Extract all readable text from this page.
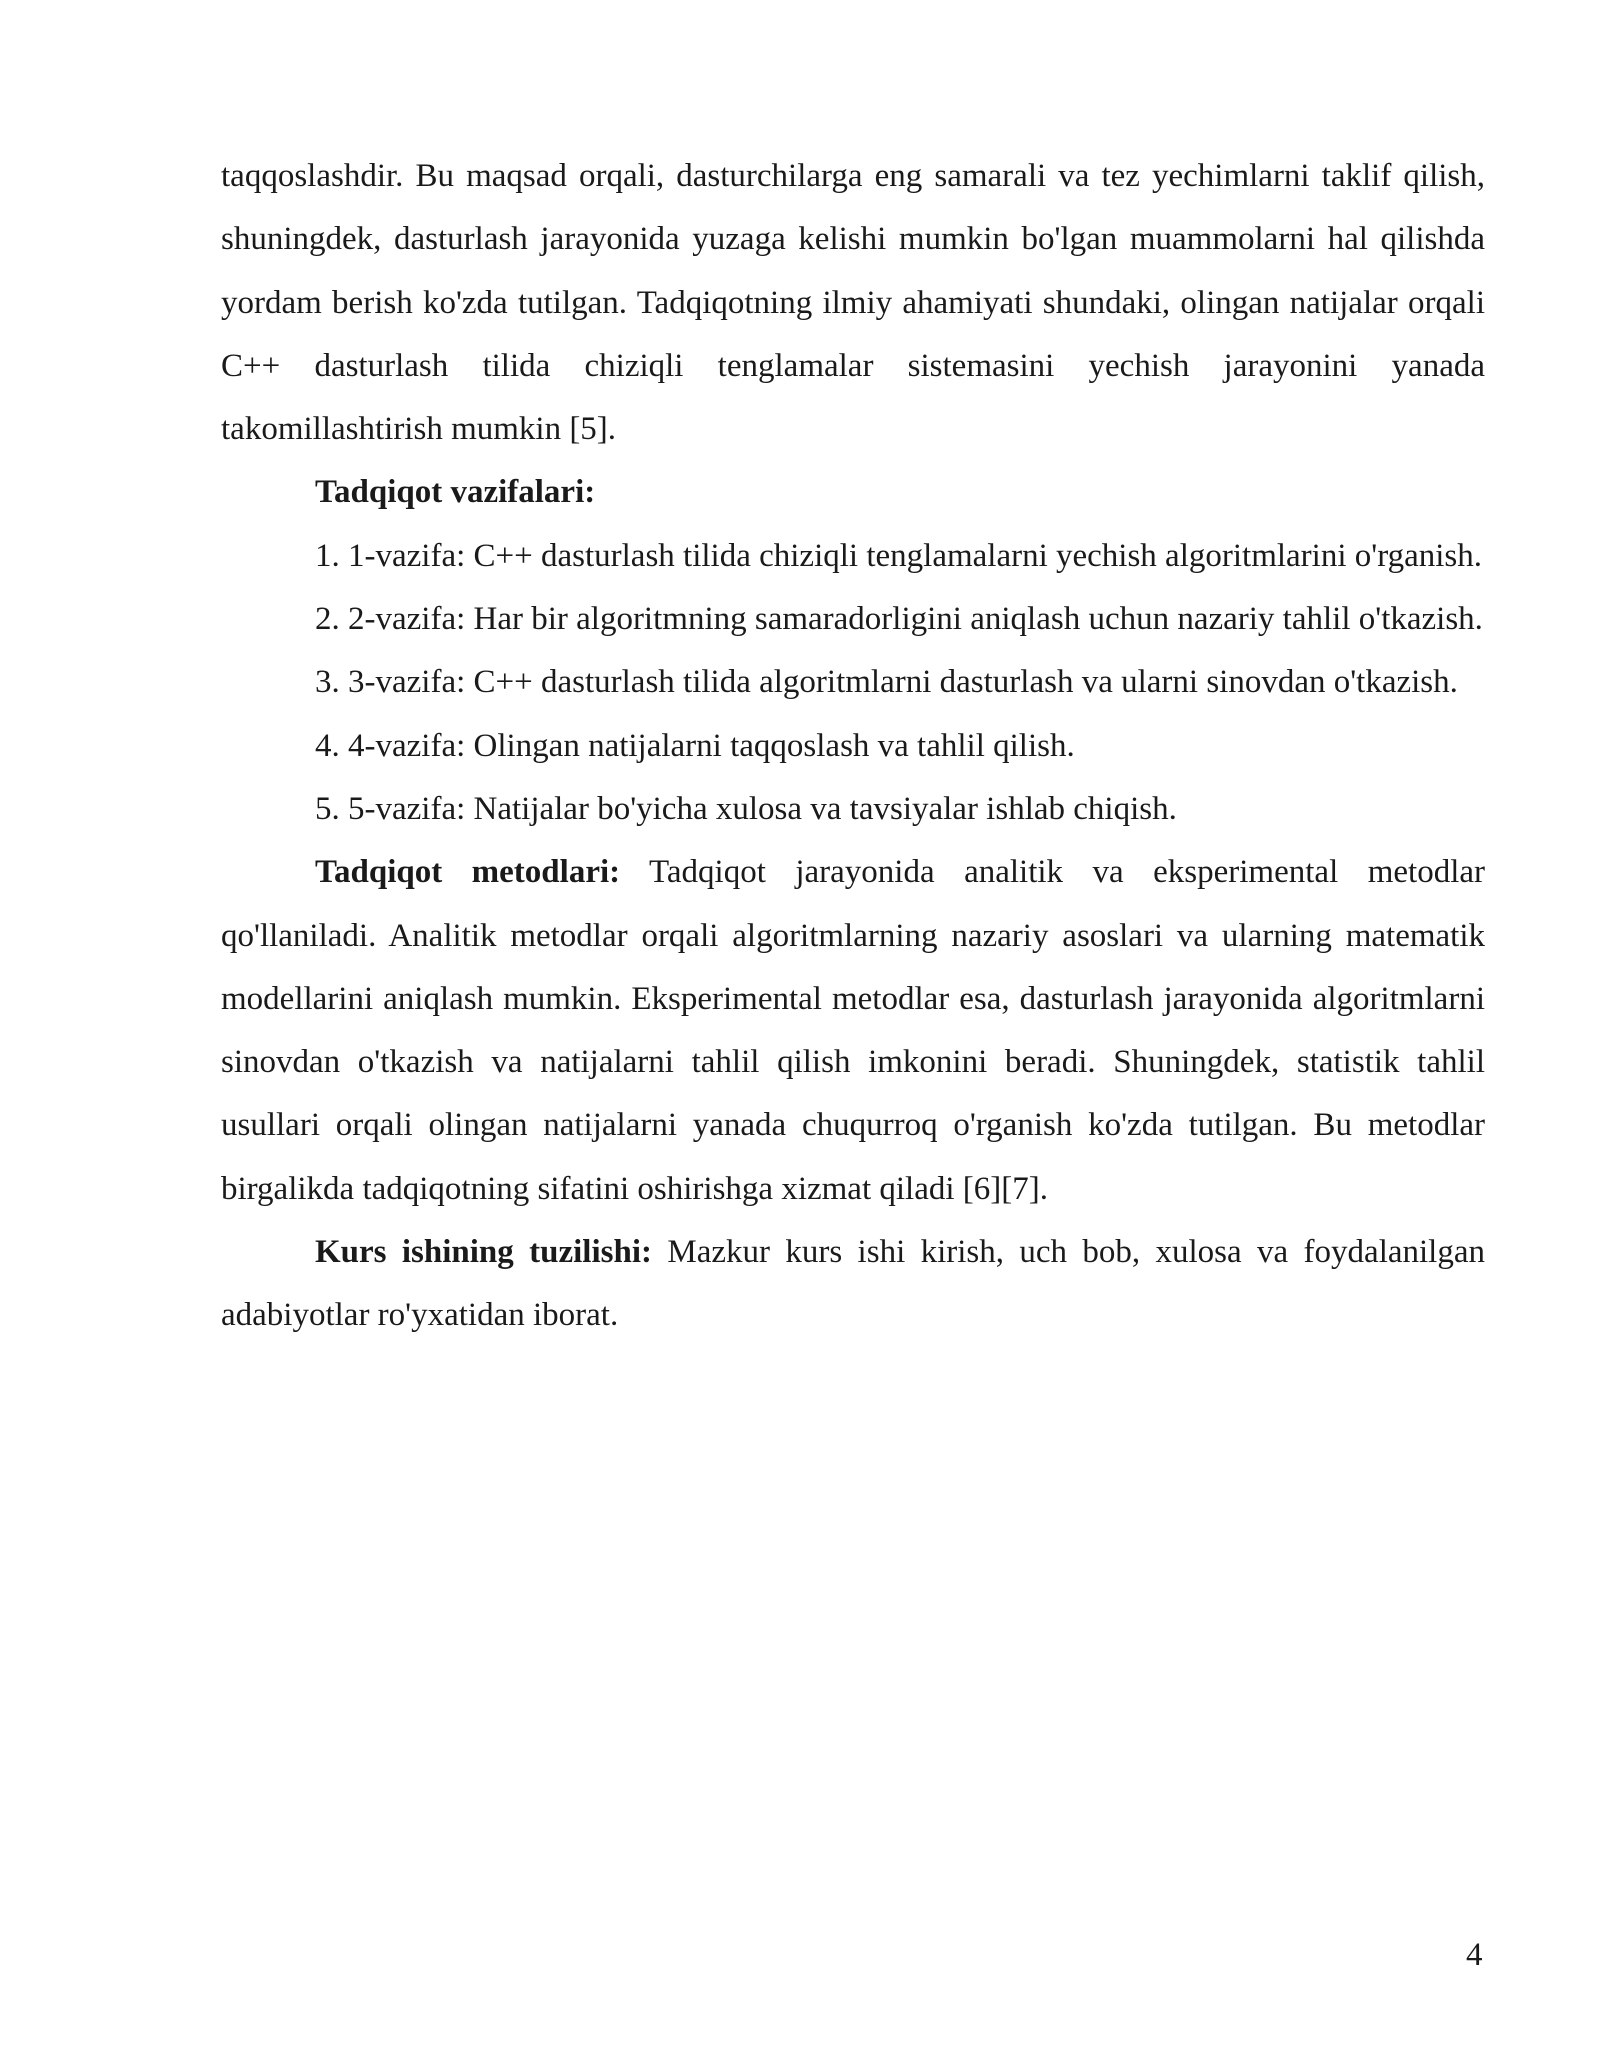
taqqoslashdir. Bu maqsad orqali, dasturchilarga eng samarali va tez yechimlarni taklif qilish, shuningdek, dasturlash jarayonida yuzaga kelishi mumkin bo'lgan muammolarni hal qilishda yordam berish ko'zda tutilgan. Tadqiqotning ilmiy ahamiyati shundaki, olingan natijalar orqali C++ dasturlash tilida chiziqli tenglamalar sistemasini yechish jarayonini yanada takomillashtirish mumkin [5].

Tadqiqot vazifalari:

1. 1-vazifa: C++ dasturlash tilida chiziqli tenglamalarni yechish algoritmlarini o'rganish.

2. 2-vazifa: Har bir algoritmning samaradorligini aniqlash uchun nazariy tahlil o'tkazish.

3. 3-vazifa: C++ dasturlash tilida algoritmlarni dasturlash va ularni sinovdan o'tkazish.

4. 4-vazifa: Olingan natijalarni taqqoslash va tahlil qilish.

5. 5-vazifa: Natijalar bo'yicha xulosa va tavsiyalar ishlab chiqish.

Tadqiqot metodlari: Tadqiqot jarayonida analitik va eksperimental metodlar qo'llaniladi. Analitik metodlar orqali algoritmlarning nazariy asoslari va ularning matematik modellarini aniqlash mumkin. Eksperimental metodlar esa, dasturlash jarayonida algoritmlarni sinovdan o'tkazish va natijalarni tahlil qilish imkonini beradi. Shuningdek, statistik tahlil usullari orqali olingan natijalarni yanada chuqurroq o'rganish ko'zda tutilgan. Bu metodlar birgalikda tadqiqotning sifatini oshirishga xizmat qiladi [6][7].

Kurs ishining tuzilishi: Mazkur kurs ishi kirish, uch bob, xulosa va foydalanilgan adabiyotlar ro'yxatidan iborat.

4
